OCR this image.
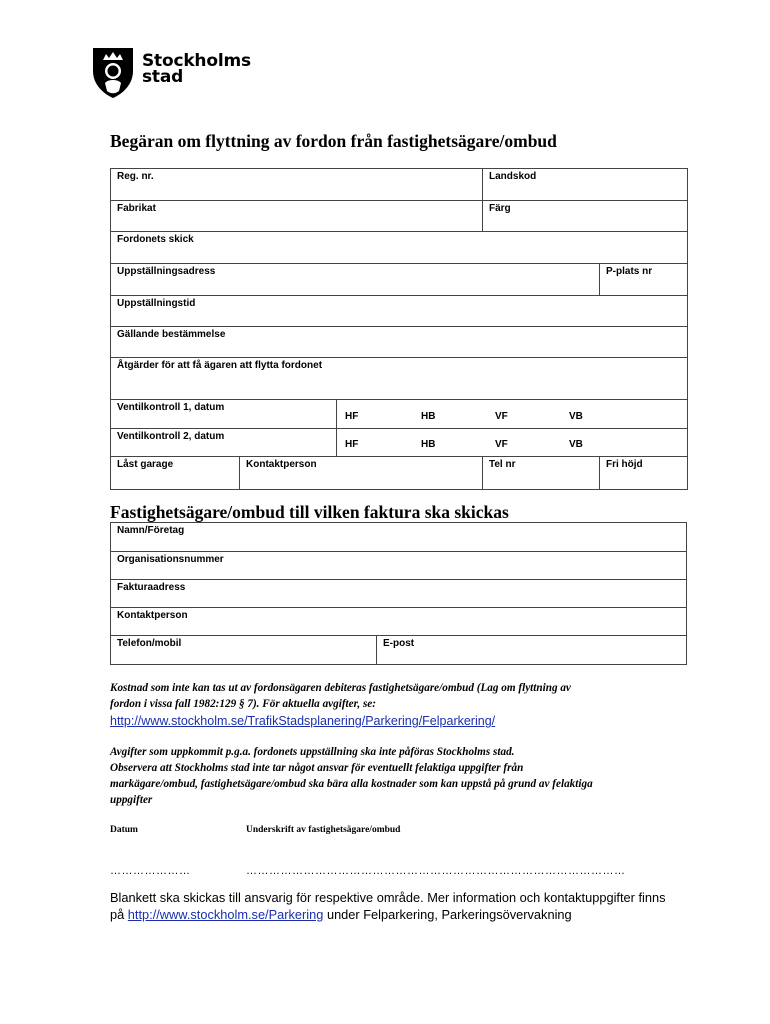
Stockholms
stad
Begäran om flyttning av fordon från fastighetsägare/ombud
Reg. nr.			Landskod	
Fabrikat			Färg	
Fordonets skick				
Uppställningsadress				P-plats nr
Uppställningstid				
Gällande bestämmelse				
Åtgärder för att få ägaren att flytta fordonet				
Ventilkontroll 1, datum		HF HB VF VB		
Ventilkontroll 2, datum		HF HB VF VB		
Låst garage	Kontaktperson		Tel nr	Fri höjd
Fastighetsägare/ombud till vilken faktura ska skickas
Namn/Företag
Organisationsnummer
Fakturaadress
Kontaktperson
Telefon/mobil	E-post

Kostnad som inte kan tas ut av fordonsägaren debiteras fastighetsägare/ombud (Lag om flyttning av

fordon i vissa fall 1982:129 § 7). För aktuella avgifter, se:

http://www.stockholm.se/TrafikStadsplanering/Parkering/Felparkering/

Avgifter som uppkommit p.g.a. fordonets uppställning ska inte påföras Stockholms stad.

Observera att Stockholms stad inte tar något ansvar för eventuellt felaktiga uppgifter från

markägare/ombud, fastighetsägare/ombud ska bära alla kostnader som kan uppstå på grund av felaktiga

uppgifter

Datum	Underskrift av fastighetsägare/ombud
…………………	………………………………………………………………………………………
Blankett ska skickas till ansvarig för respektive område. Mer information och kontaktuppgifter finns
på http://www.stockholm.se/Parkering under Felparkering, Parkeringsövervakning
